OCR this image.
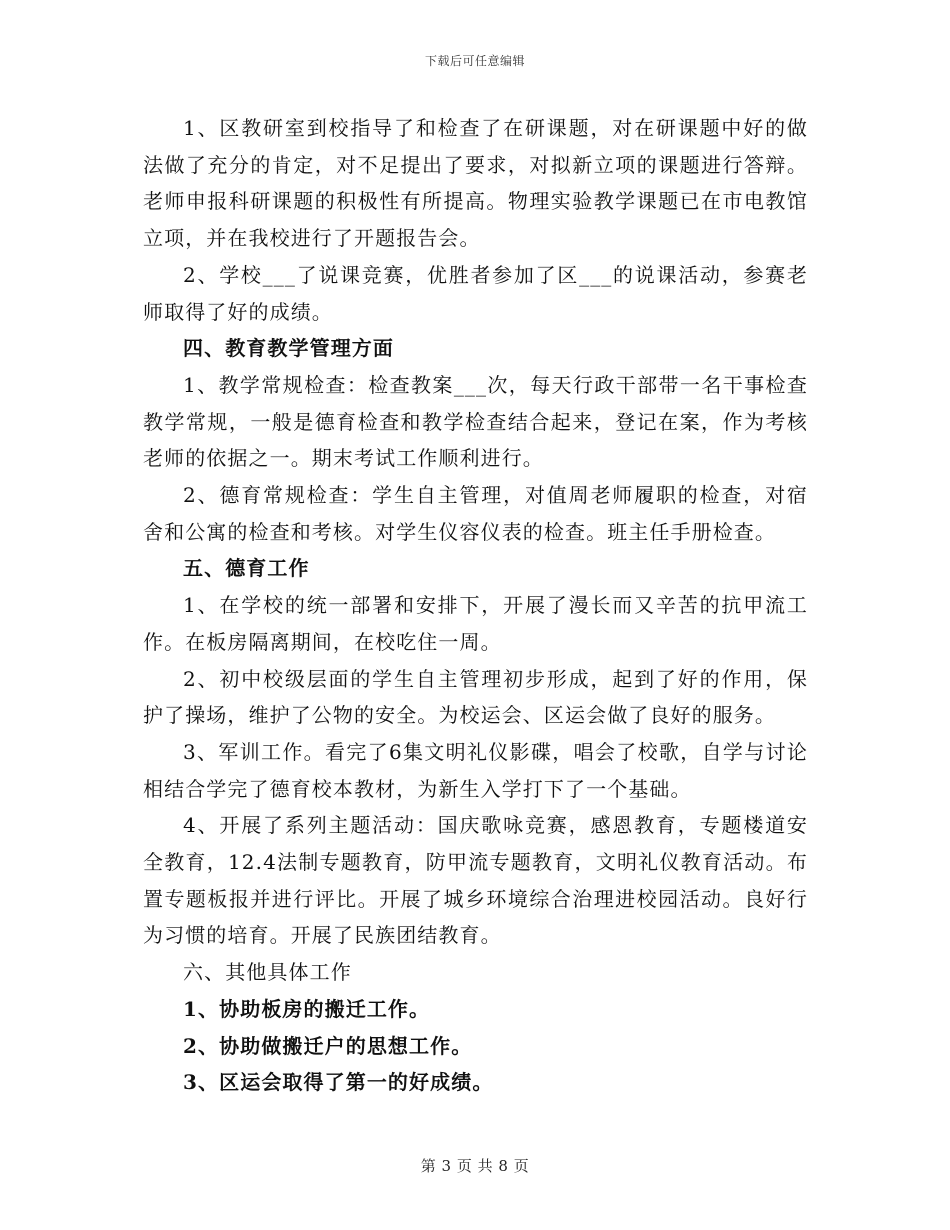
下载后可任意编辑

1、区教研室到校指导了和检查了在研课题，对在研课题中好的做法做了充分的肯定，对不足提出了要求，对拟新立项的课题进行答辩。老师申报科研课题的积极性有所提高。物理实验教学课题已在市电教馆立项，并在我校进行了开题报告会。

2、学校___了说课竞赛，优胜者参加了区___的说课活动，参赛老师取得了好的成绩。

四、教育教学管理方面

1、教学常规检查：检查教案___次，每天行政干部带一名干事检查教学常规，一般是德育检查和教学检查结合起来，登记在案，作为考核老师的依据之一。期末考试工作顺利进行。

2、德育常规检查：学生自主管理，对值周老师履职的检查，对宿舍和公寓的检查和考核。对学生仪容仪表的检查。班主任手册检查。

五、德育工作

1、在学校的统一部署和安排下，开展了漫长而又辛苦的抗甲流工作。在板房隔离期间，在校吃住一周。

2、初中校级层面的学生自主管理初步形成，起到了好的作用，保护了操场，维护了公物的安全。为校运会、区运会做了良好的服务。

3、军训工作。看完了6集文明礼仪影碟，唱会了校歌，自学与讨论相结合学完了德育校本教材，为新生入学打下了一个基础。

4、开展了系列主题活动：国庆歌咏竞赛，感恩教育，专题楼道安全教育，12.4法制专题教育，防甲流专题教育，文明礼仪教育活动。布置专题板报并进行评比。开展了城乡环境综合治理进校园活动。良好行为习惯的培育。开展了民族团结教育。

六、其他具体工作

1、协助板房的搬迁工作。

2、协助做搬迁户的思想工作。

3、区运会取得了第一的好成绩。

第 3 页 共 8 页
